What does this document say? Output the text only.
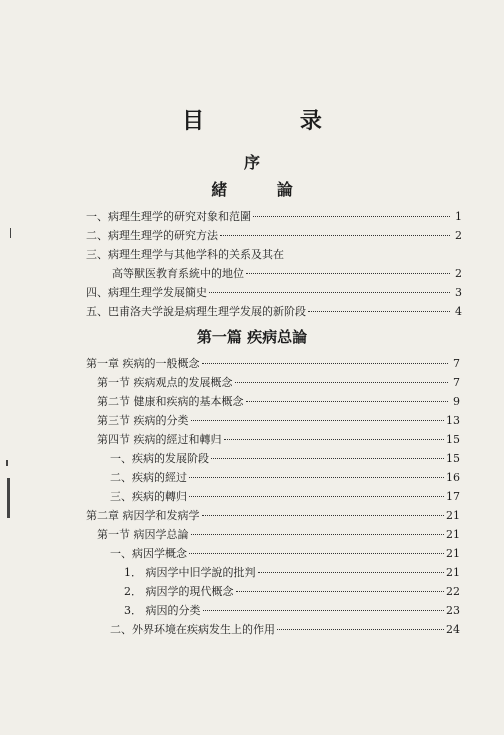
目 录
序
緒 論
一、病理生理学的研究对象和范圍	1
二、病理生理学的研究方法	2
三、病理生理学与其他学科的关系及其在
高等獸医教育系統中的地位	2
四、病理生理学发展簡史	3
五、巴甫洛夫学說是病理生理学发展的新阶段	4
第一篇 疾病总論
第一章 疾病的一般概念	7
第一节 疾病观点的发展概念	7
第二节 健康和疾病的基本概念	9
第三节 疾病的分类	13
第四节 疾病的經过和轉归	15
一、疾病的发展阶段	15
二、疾病的經过	16
三、疾病的轉归	17
第二章 病因学和发病学	21
第一节 病因学总論	21
一、病因学概念	21
1． 病因学中旧学說的批判	21
2． 病因学的現代概念	22
3． 病因的分类	23
二、外界环境在疾病发生上的作用	24
